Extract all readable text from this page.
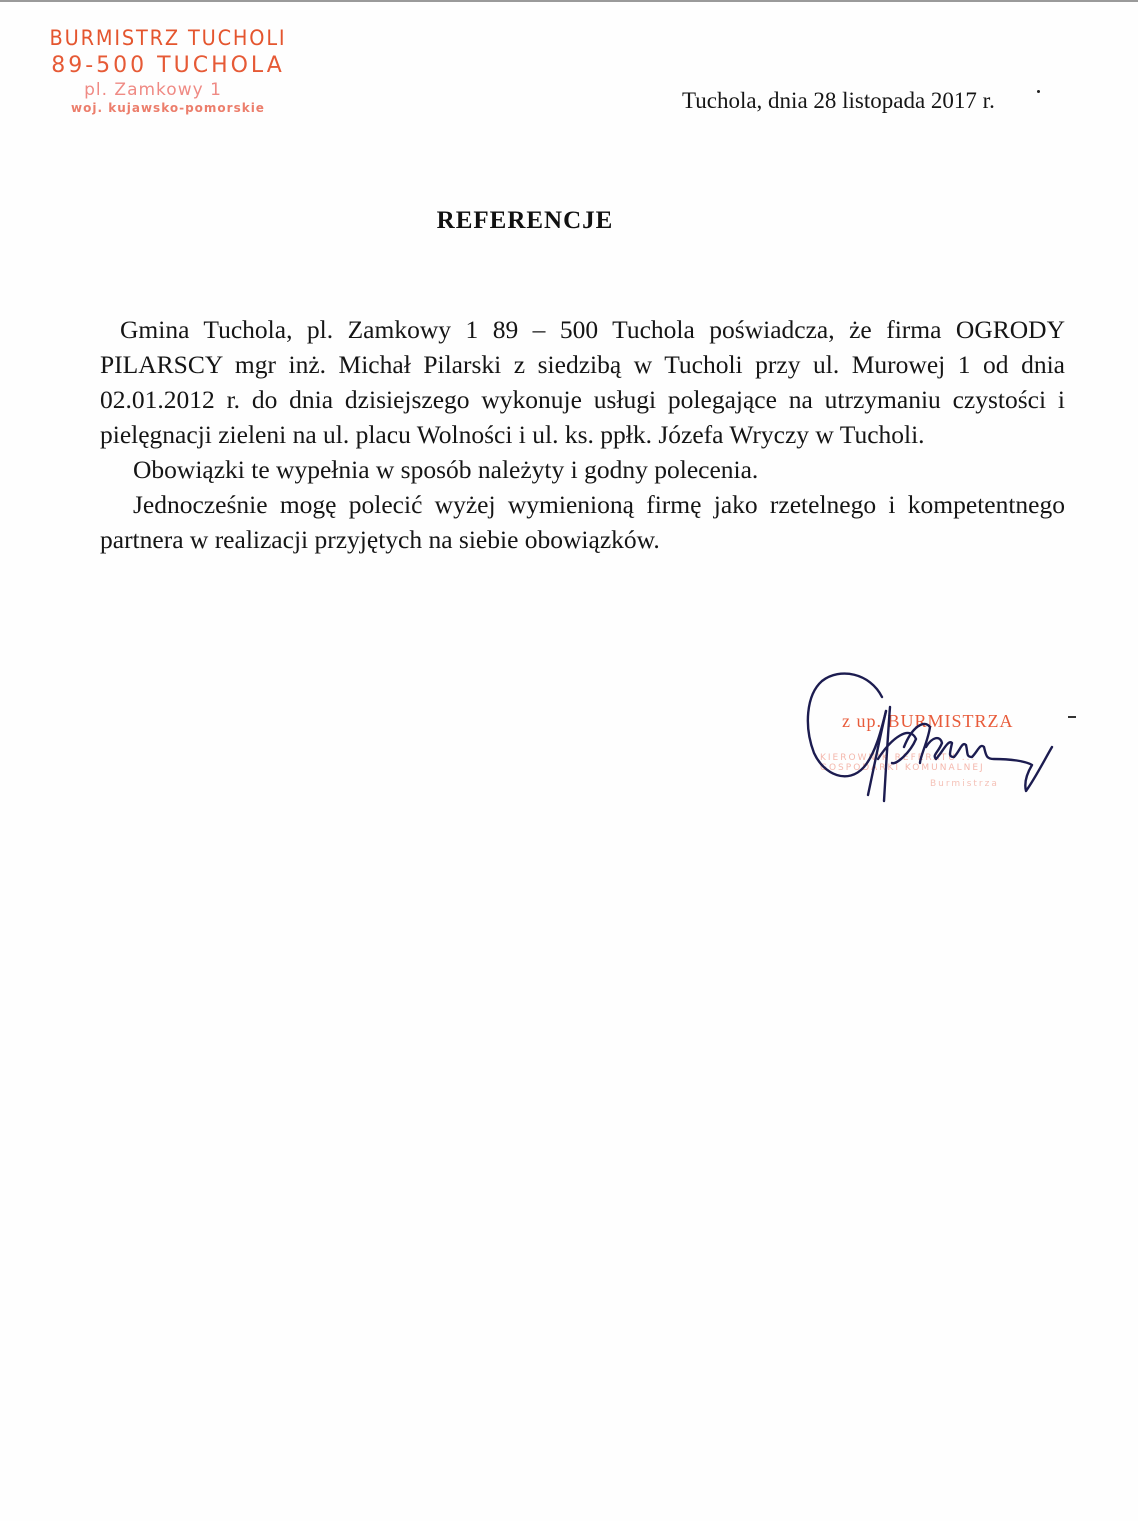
BURMISTRZ TUCHOLI
89-500 TUCHOLA
pl. Zamkowy 1
woj. kujawsko-pomorskie	Tuchola, dnia 28 listopada 2017 r.
REFERENCJE

Gmina Tuchola, pl. Zamkowy 1 89 – 500 Tuchola poświadcza, że firma OGRODY PILARSCY mgr inż. Michał Pilarski z siedzibą w Tucholi przy ul. Murowej 1 od dnia 02.01.2012 r. do dnia dzisiejszego wykonuje usługi polegające na utrzymaniu czystości i pielęgnacji zieleni na ul. placu Wolności i ul. ks. ppłk. Józefa Wryczy w Tucholi.

Obowiązki te wypełnia w sposób należyty i godny polecenia.

Jednocześnie mogę polecić wyżej wymienioną firmę jako rzetelnego i kompetentnego partnera w realizacji przyjętych na siebie obowiązków.

z up. BURMISTRZA
KIEROWNIK REFERATU ... GOSPODARKI KOMUNALNEJ
Burmistrza
